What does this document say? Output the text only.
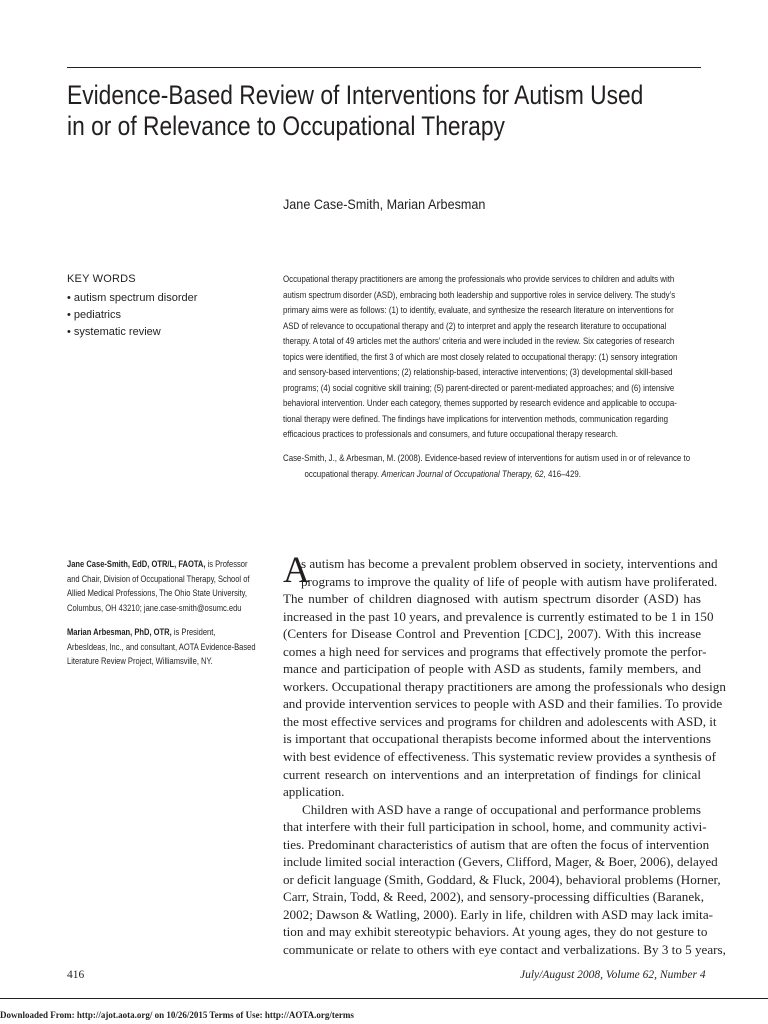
Evidence-Based Review of Interventions for Autism Used
in or of Relevance to Occupational Therapy
Jane Case-Smith, Marian Arbesman
KEY WORDS
• autism spectrum disorder
• pediatrics
• systematic review
Occupational therapy practitioners are among the professionals who provide services to children and adults with
autism spectrum disorder (ASD), embracing both leadership and supportive roles in service delivery. The study’s
primary aims were as follows: (1) to identify, evaluate, and synthesize the research literature on interventions for
ASD of relevance to occupational therapy and (2) to interpret and apply the research literature to occupational
therapy. A total of 49 articles met the authors’ criteria and were included in the review. Six categories of research
topics were identified, the first 3 of which are most closely related to occupational therapy: (1) sensory integration
and sensory-based interventions; (2) relationship-based, interactive interventions; (3) developmental skill-based
programs; (4) social cognitive skill training; (5) parent-directed or parent-mediated approaches; and (6) intensive
behavioral intervention. Under each category, themes supported by research evidence and applicable to occupa-
tional therapy were defined. The findings have implications for intervention methods, communication regarding
efficacious practices to professionals and consumers, and future occupational therapy research.
Case-Smith, J., & Arbesman, M. (2008). Evidence-based review of interventions for autism used in or of relevance to
occupational therapy. American Journal of Occupational Therapy, 62, 416–429.
Jane Case-Smith, EdD, OTR/L, FAOTA, is Professor
and Chair, Division of Occupational Therapy, School of
Allied Medical Professions, The Ohio State University,
Columbus, OH 43210; jane.case-smith@osumc.edu
Marian Arbesman, PhD, OTR, is President,
ArbesIdeas, Inc., and consultant, AOTA Evidence-Based
Literature Review Project, Williamsville, NY.
A
s autism has become a prevalent problem observed in society, interventions and
programs to improve the quality of life of people with autism have proliferated.
The number of children diagnosed with autism spectrum disorder (ASD) has
increased in the past 10 years, and prevalence is currently estimated to be 1 in 150
(Centers for Disease Control and Prevention [CDC], 2007). With this increase
comes a high need for services and programs that effectively promote the perfor-
mance and participation of people with ASD as students, family members, and
workers. Occupational therapy practitioners are among the professionals who design
and provide intervention services to people with ASD and their families. To provide
the most effective services and programs for children and adolescents with ASD, it
is important that occupational therapists become informed about the interventions
with best evidence of effectiveness. This systematic review provides a synthesis of
current research on interventions and an interpretation of findings for clinical
application.
Children with ASD have a range of occupational and performance problems
that interfere with their full participation in school, home, and community activi-
ties. Predominant characteristics of autism that are often the focus of intervention
include limited social interaction (Gevers, Clifford, Mager, & Boer, 2006), delayed
or deficit language (Smith, Goddard, & Fluck, 2004), behavioral problems (Horner,
Carr, Strain, Todd, & Reed, 2002), and sensory-processing difficulties (Baranek,
2002; Dawson & Watling, 2000). Early in life, children with ASD may lack imita-
tion and may exhibit stereotypic behaviors. At young ages, they do not gesture to
communicate or relate to others with eye contact and verbalizations. By 3 to 5 years,
416	July/August 2008, Volume 62, Number 4
Downloaded From: http://ajot.aota.org/ on 10/26/2015 Terms of Use: http://AOTA.org/terms
